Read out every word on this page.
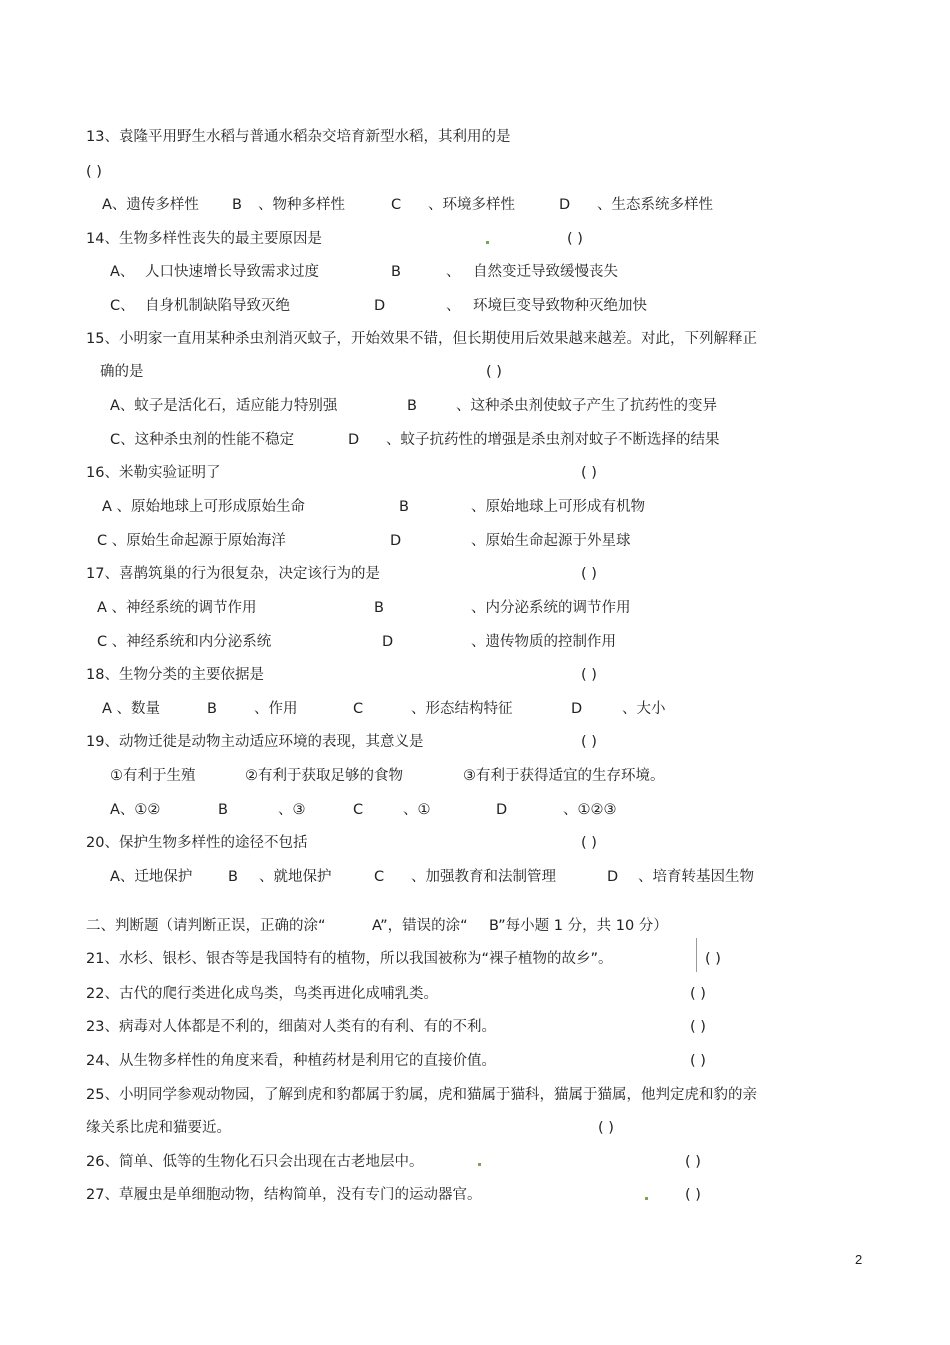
13、袁隆平用野生水稻与普通水稻杂交培育新型水稻，其利用的是
( )
A、遗传多样性 B 、物种多样性	C 、环境多样性	D 、生态系统多样性
14、生物多样性丧失的最主要原因是	( )
A、 人口快速增长导致需求过度	B	、 自然变迁导致缓慢丧失
C、 自身机制缺陷导致灭绝	D	、 环境巨变导致物种灭绝加快
15、小明家一直用某种杀虫剂消灭蚊子，开始效果不错，但长期使用后效果越来越差。对此，下列解释正
确的是	( )
A、蚊子是活化石，适应能力特别强	B	、这种杀虫剂使蚊子产生了抗药性的变异
C、这种杀虫剂的性能不稳定	D 、蚊子抗药性的增强是杀虫剂对蚊子不断选择的结果
16、米勒实验证明了	( )
A 、原始地球上可形成原始生命	B	、原始地球上可形成有机物
C 、原始生命起源于原始海洋	D	、原始生命起源于外星球
17、喜鹊筑巢的行为很复杂，决定该行为的是	( )
A 、神经系统的调节作用	B	、内分泌系统的调节作用
C 、神经系统和内分泌系统	D	、遗传物质的控制作用
18、生物分类的主要依据是	( )
A 、数量	B	、作用	C	、形态结构特征	D	、大小
19、动物迁徙是动物主动适应环境的表现，其意义是	( )
①有利于生殖	②有利于获取足够的食物	③有利于获得适宜的生存环境。
A、①②	B	、③	C	、①	D	、①②③
20、保护生物多样性的途径不包括	( )
A、迁地保护 B 、就地保护	C 、加强教育和法制管理	D 、培育转基因生物
二、判断题（请判断正误，正确的涂“	A”，错误的涂“ B”每小题 1 分，共 10 分）
21、水杉、银杉、银杏等是我国特有的植物，所以我国被称为“裸子植物的故乡”。	( )
22、古代的爬行类进化成鸟类，鸟类再进化成哺乳类。	( )
23、病毒对人体都是不利的，细菌对人类有的有利、有的不利。	( )
24、从生物多样性的角度来看，种植药材是利用它的直接价值。	( )
25、小明同学参观动物园，了解到虎和豹都属于豹属，虎和猫属于猫科，猫属于猫属，他判定虎和豹的亲
缘关系比虎和猫要近。	( )
26、简单、低等的生物化石只会出现在古老地层中。	( )
27、草履虫是单细胞动物，结构简单，没有专门的运动器官。	( )
2
